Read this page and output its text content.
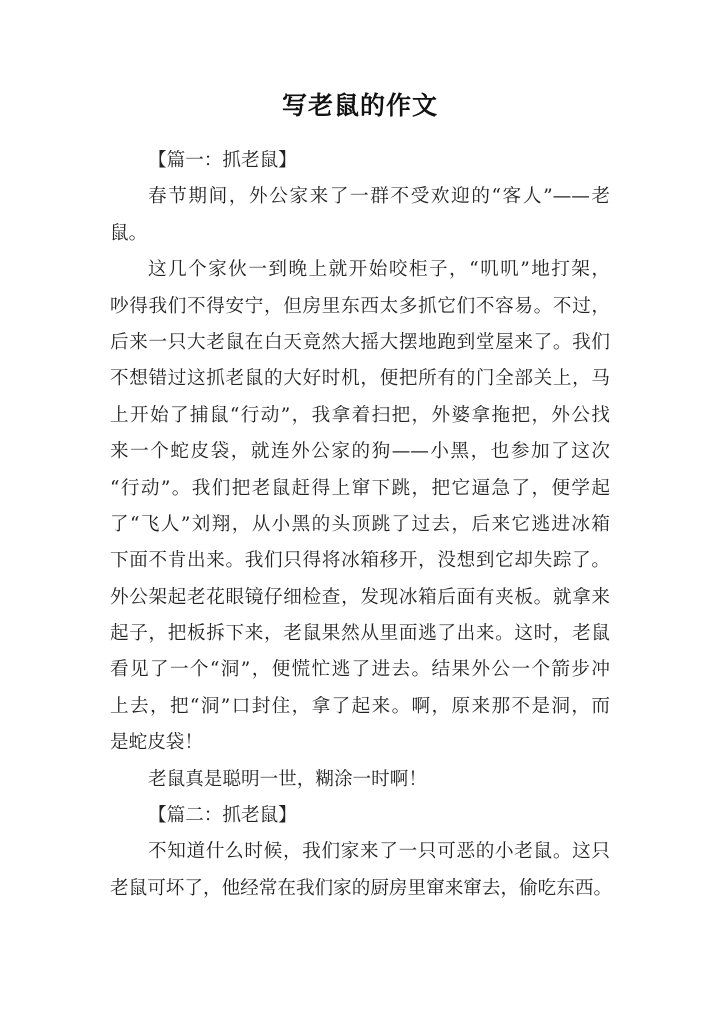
写老鼠的作文
【篇一：抓老鼠】
春节期间，外公家来了一群不受欢迎的“客人”——老
鼠。
这几个家伙一到晚上就开始咬柜子，“叽叽”地打架，
吵得我们不得安宁，但房里东西太多抓它们不容易。不过，
后来一只大老鼠在白天竟然大摇大摆地跑到堂屋来了。我们
不想错过这抓老鼠的大好时机，便把所有的门全部关上，马
上开始了捕鼠“行动”，我拿着扫把，外婆拿拖把，外公找
来一个蛇皮袋，就连外公家的狗——小黑，也参加了这次
“行动”。我们把老鼠赶得上窜下跳，把它逼急了，便学起
了“飞人”刘翔，从小黑的头顶跳了过去，后来它逃进冰箱
下面不肯出来。我们只得将冰箱移开，没想到它却失踪了。
外公架起老花眼镜仔细检查，发现冰箱后面有夹板。就拿来
起子，把板拆下来，老鼠果然从里面逃了出来。这时，老鼠
看见了一个“洞”，便慌忙逃了进去。结果外公一个箭步冲
上去，把“洞”口封住，拿了起来。啊，原来那不是洞，而
是蛇皮袋！
老鼠真是聪明一世，糊涂一时啊！
【篇二：抓老鼠】
不知道什么时候，我们家来了一只可恶的小老鼠。这只
老鼠可坏了，他经常在我们家的厨房里窜来窜去，偷吃东西。
